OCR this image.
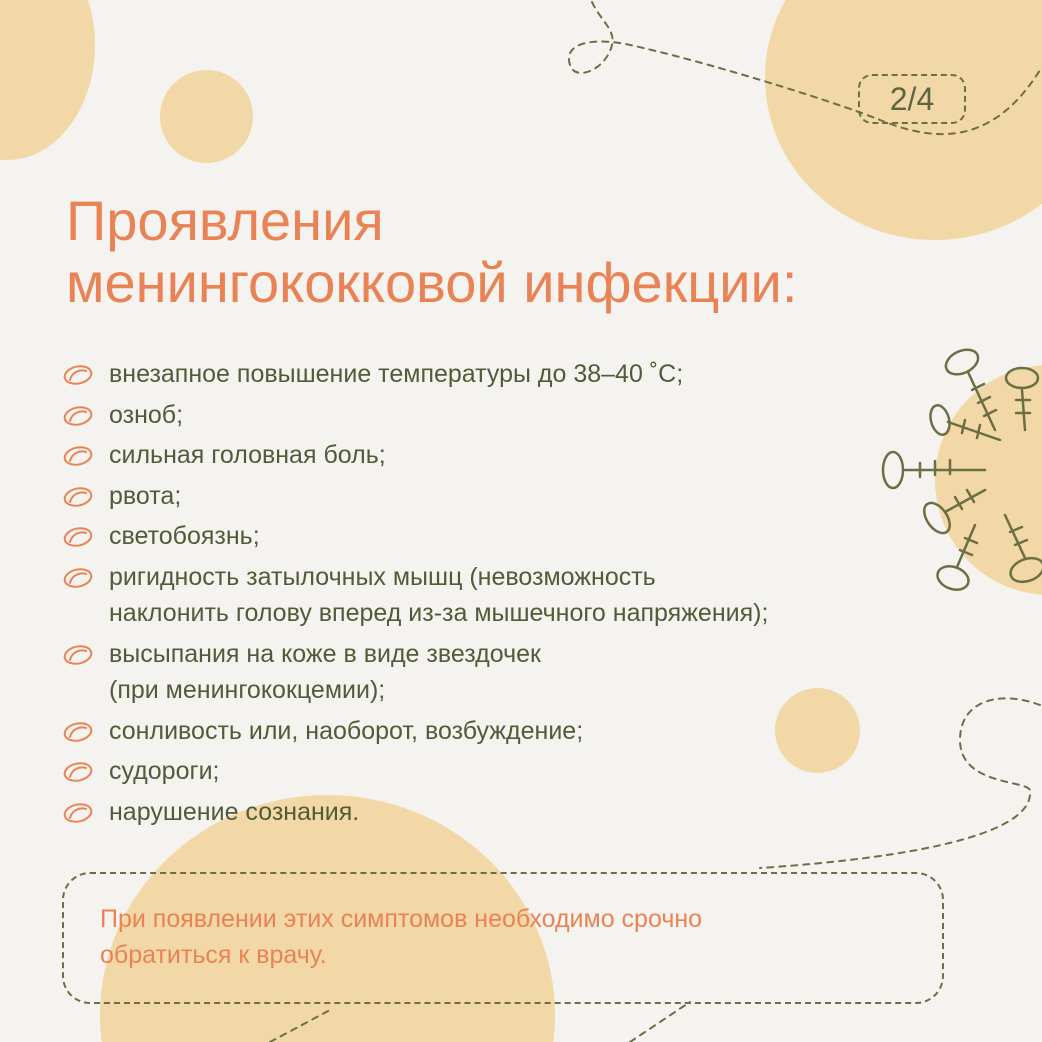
2/4
Проявления
менингококковой инфекции:
внезапное повышение температуры до 38–40 ˚С;
озноб;
сильная головная боль;
рвота;
светобоязнь;
ригидность затылочных мышц (невозможность
наклонить голову вперед из-за мышечного напряжения);
высыпания на коже в виде звездочек
(при менингококцемии);
сонливость или, наоборот, возбуждение;
судороги;
нарушение сознания.

При появлении этих симптомов необходимо срочно
обратиться к врачу.
